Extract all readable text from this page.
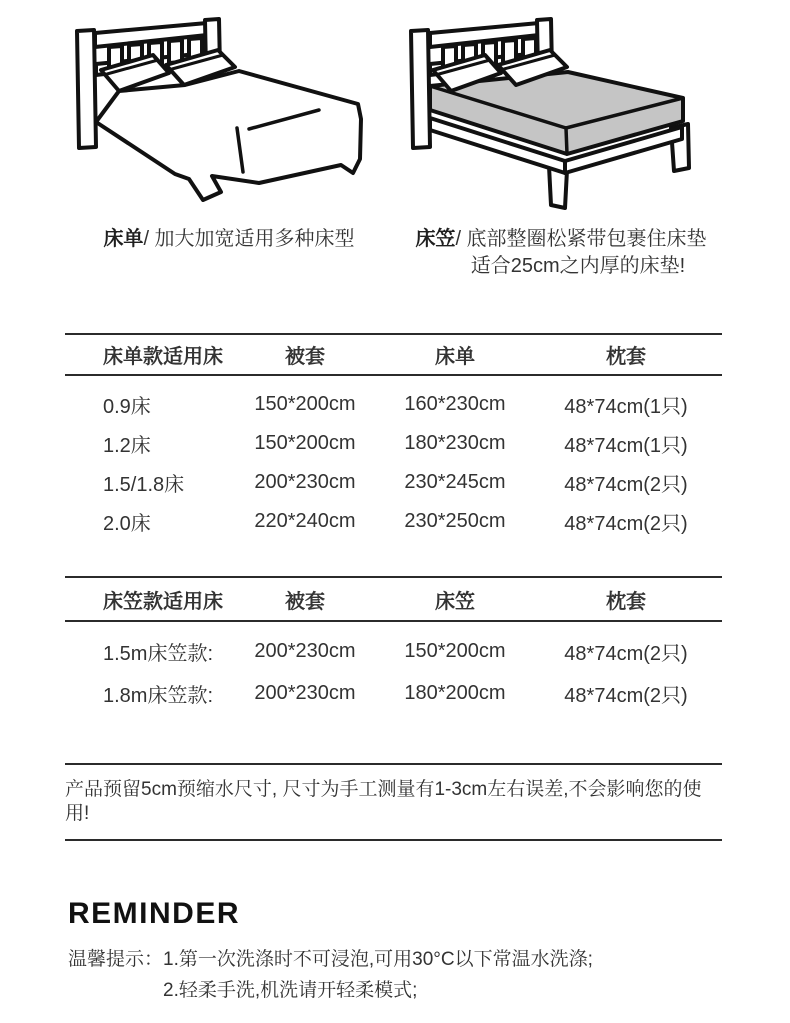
床单/ 加大加宽适用多种床型	床笠/ 底部整圈松紧带包裹住床垫
适合25cm之内厚的床垫!
床单款适用床	被套	床单	枕套
0.9床	150*200cm	160*230cm	48*74cm(1只)
1.2床	150*200cm	180*230cm	48*74cm(1只)
1.5/1.8床	200*230cm	230*245cm	48*74cm(2只)
2.0床	220*240cm	230*250cm	48*74cm(2只)
床笠款适用床	被套	床笠	枕套
1.5m床笠款:	200*230cm	150*200cm	48*74cm(2只)
1.8m床笠款:	200*230cm	180*200cm	48*74cm(2只)

产品预留5cm预缩水尺寸, 尺寸为手工测量有1-3cm左右误差,不会影响您的使用!

REMINDER
温馨提示： 1.第一次洗涤时不可浸泡,可用30°C以下常温水洗涤;
2.轻柔手洗,机洗请开轻柔模式;
